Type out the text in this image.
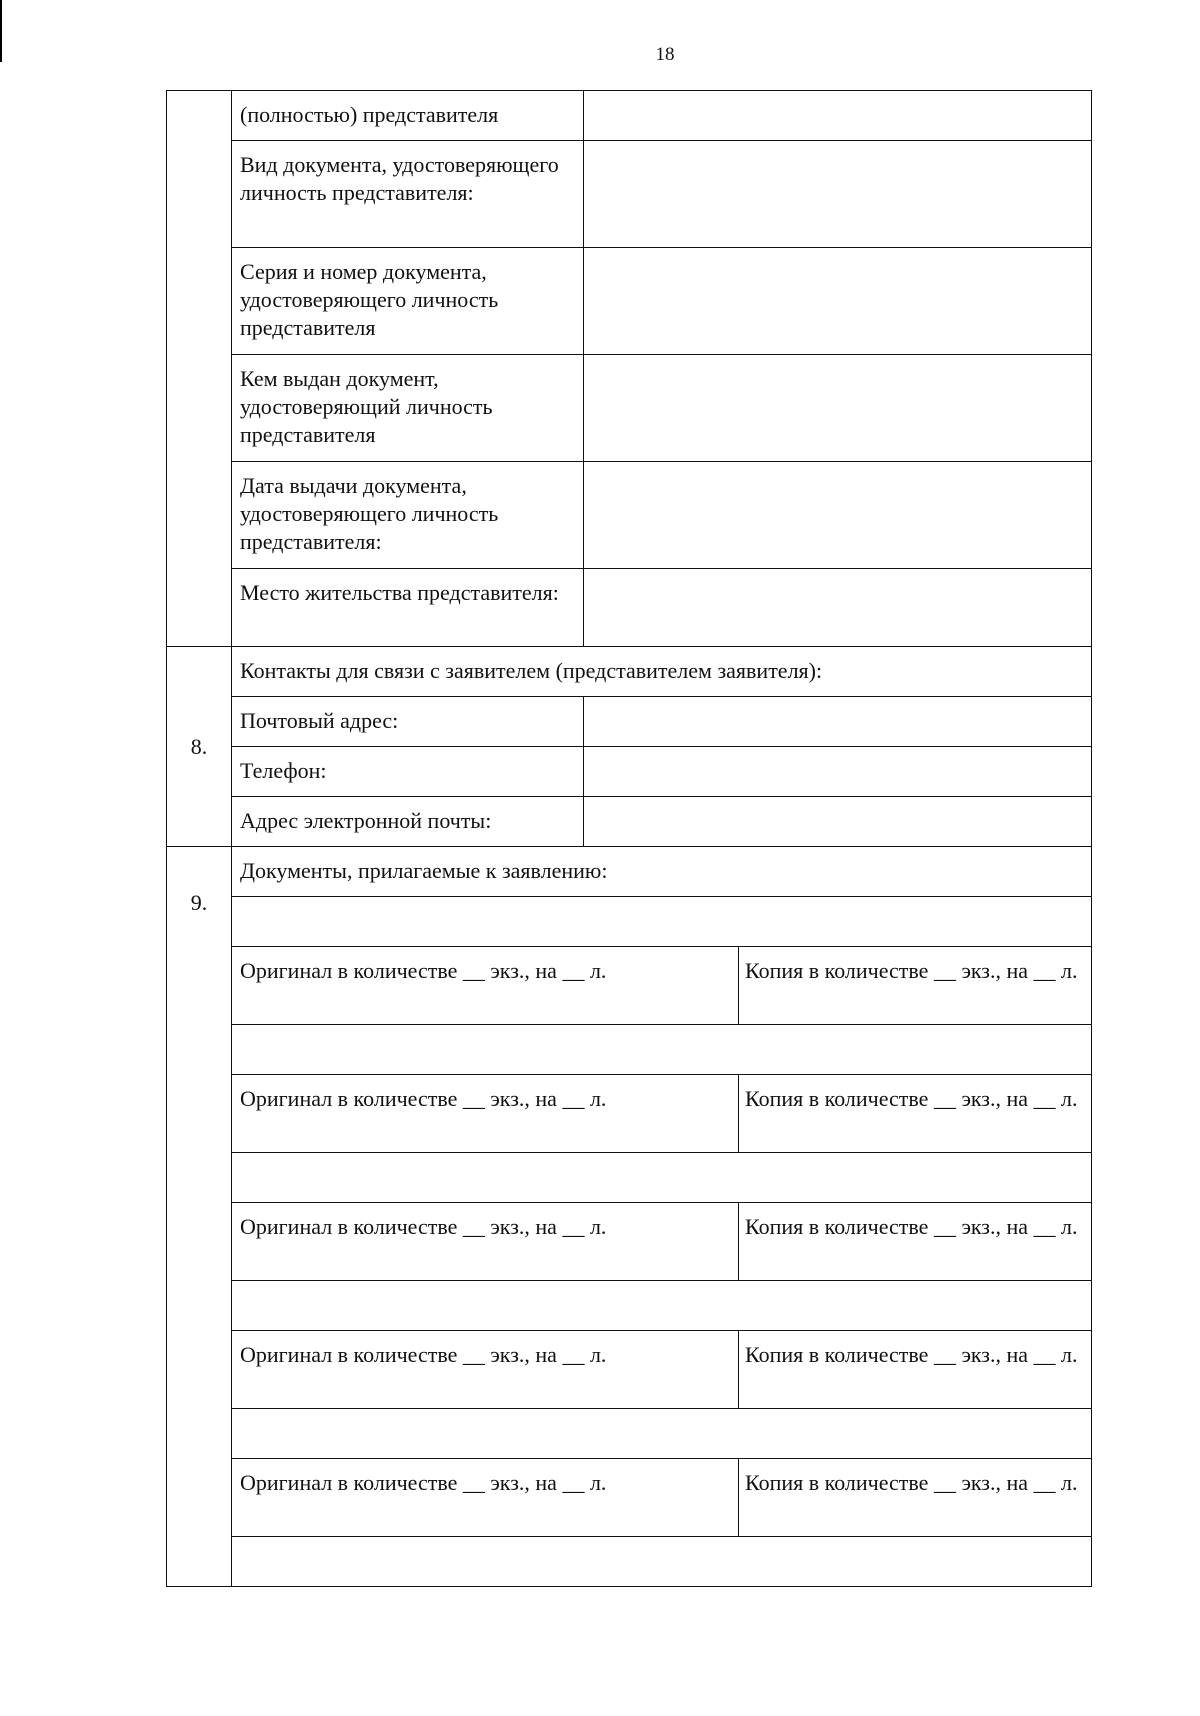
18
	(полностью) представителя		
	Вид документа, удостоверяющего личность представителя:		
	Серия и номер документа, удостоверяющего личность представителя		
	Кем выдан документ, удостоверяющий личность представителя		
	Дата выдачи документа, удостоверяющего личность представителя:		
	Место жительства представителя:		
8.	Контакты для связи с заявителем (представителем заявителя):		
	Почтовый адрес:		
	Телефон:		
	Адрес электронной почты:		
9.	Документы, прилагаемые к заявлению:		

	Оригинал в количестве __ экз., на __ л.		Копия в количестве __ экз., на __ л.

	Оригинал в количестве __ экз., на __ л.		Копия в количестве __ экз., на __ л.

	Оригинал в количестве __ экз., на __ л.		Копия в количестве __ экз., на __ л.

	Оригинал в количестве __ экз., на __ л.		Копия в количестве __ экз., на __ л.

	Оригинал в количестве __ экз., на __ л.		Копия в количестве __ экз., на __ л.
